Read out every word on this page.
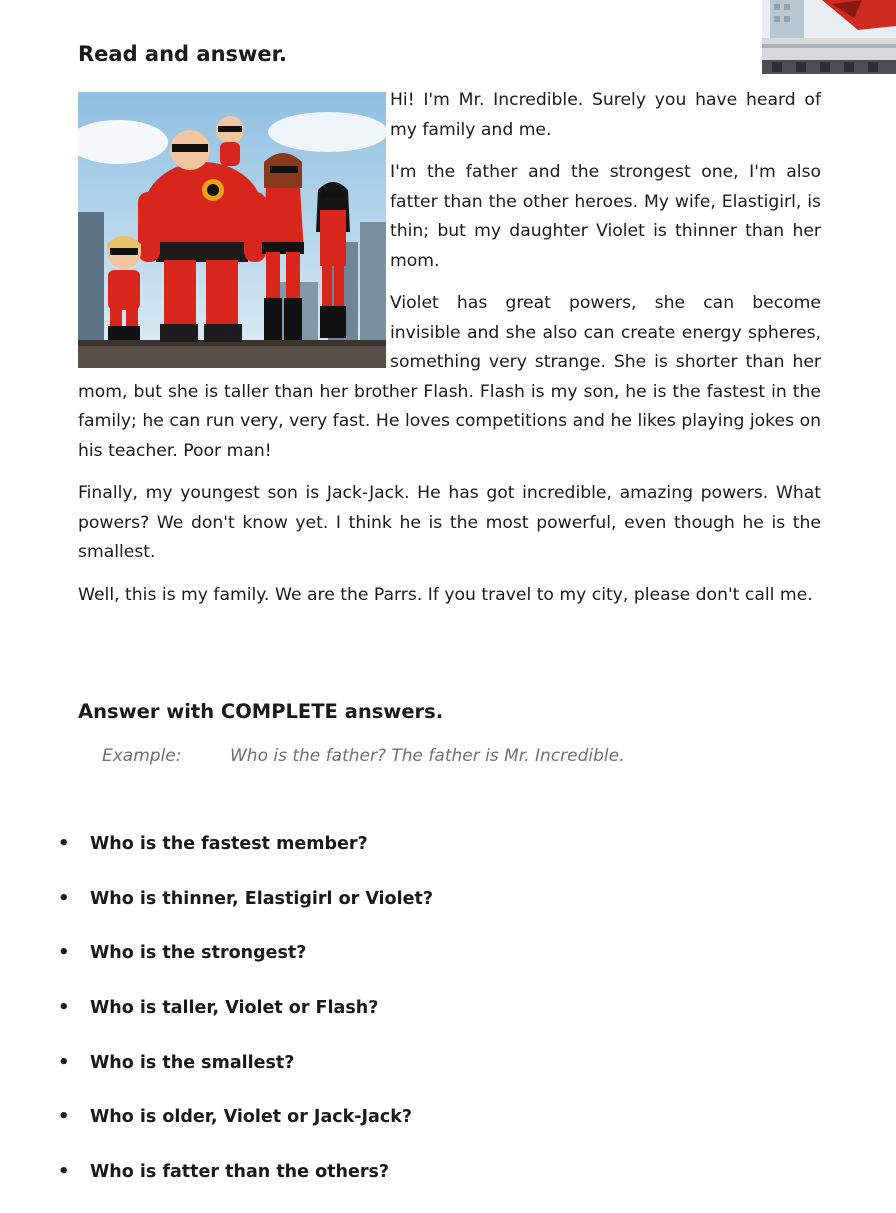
Read and answer.

Hi! I'm Mr. Incredible. Surely you have heard of my family and me.

I'm the father and the strongest one, I'm also fatter than the other heroes. My wife, Elastigirl, is thin; but my daughter Violet is thinner than her mom.

Violet has great powers, she can become invisible and she also can create energy spheres, something very strange. She is shorter than her mom, but she is taller than her brother Flash. Flash is my son, he is the fastest in the family; he can run very, very fast. He loves competitions and he likes playing jokes on his teacher. Poor man!

Finally, my youngest son is Jack-Jack. He has got incredible, amazing powers. What powers? We don't know yet. I think he is the most powerful, even though he is the smallest.

Well, this is my family. We are the Parrs. If you travel to my city, please don't call me.

Answer with COMPLETE answers.
Example:	Who is the father? The father is Mr. Incredible.
•	Who is the fastest member?
•	Who is thinner, Elastigirl or Violet?
•	Who is the strongest?
•	Who is taller, Violet or Flash?
•	Who is the smallest?
•	Who is older, Violet or Jack-Jack?
•	Who is fatter than the others?
